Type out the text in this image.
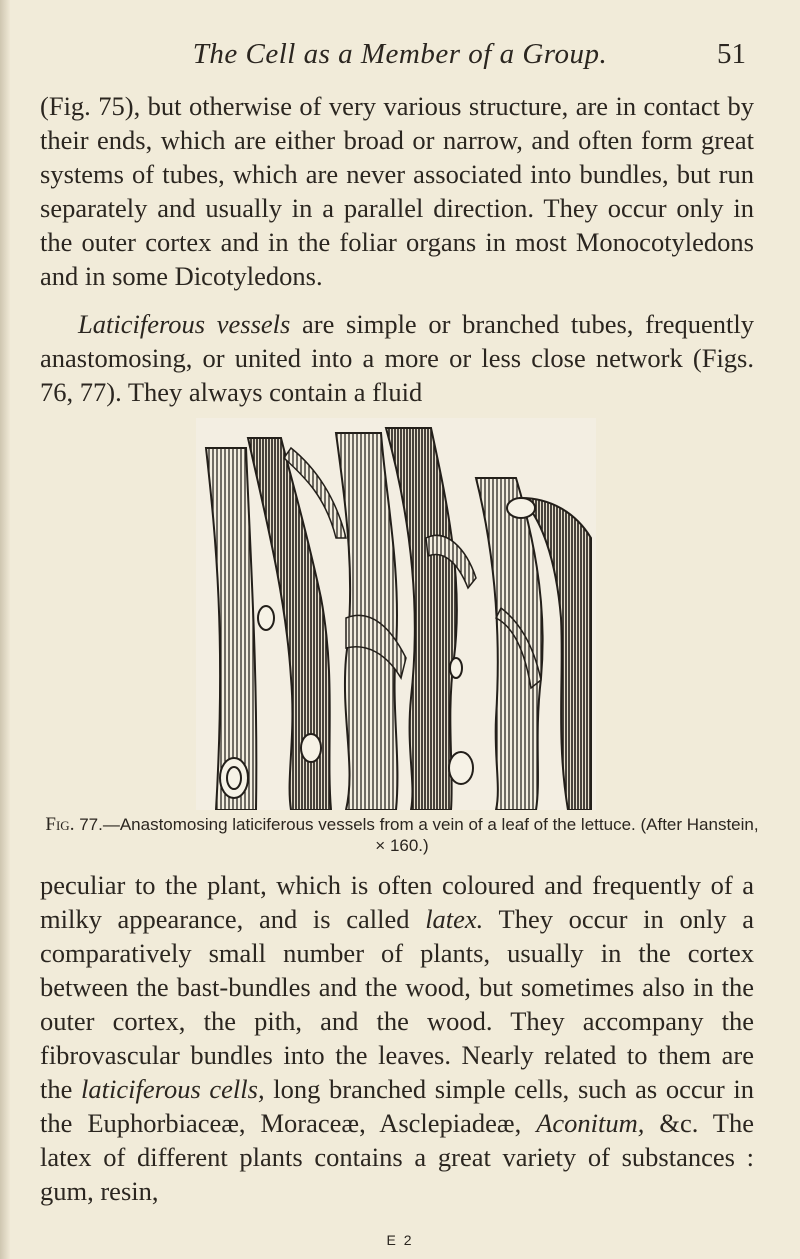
The Cell as a Member of a Group.	51

(Fig. 75), but otherwise of very various structure, are in contact by their ends, which are either broad or narrow, and often form great systems of tubes, which are never associated into bundles, but run separately and usually in a parallel direction. They occur only in the outer cortex and in the foliar organs in most Monocotyledons and in some Dicotyledons.

Laticiferous vessels are simple or branched tubes, frequently anastomosing, or united into a more or less close network (Figs. 76, 77). They always contain a fluid

Fig. 77.—Anastomosing laticiferous vessels from a vein of a leaf of the lettuce. (After Hanstein, × 160.)

peculiar to the plant, which is often coloured and frequently of a milky appearance, and is called latex. They occur in only a comparatively small number of plants, usually in the cortex between the bast-bundles and the wood, but sometimes also in the outer cortex, the pith, and the wood. They accompany the fibrovascular bundles into the leaves. Nearly related to them are the laticiferous cells, long branched simple cells, such as occur in the Euphorbiaceæ, Moraceæ, Asclepiadeæ, Aconitum, &c. The latex of different plants contains a great variety of substances : gum, resin,

E 2
